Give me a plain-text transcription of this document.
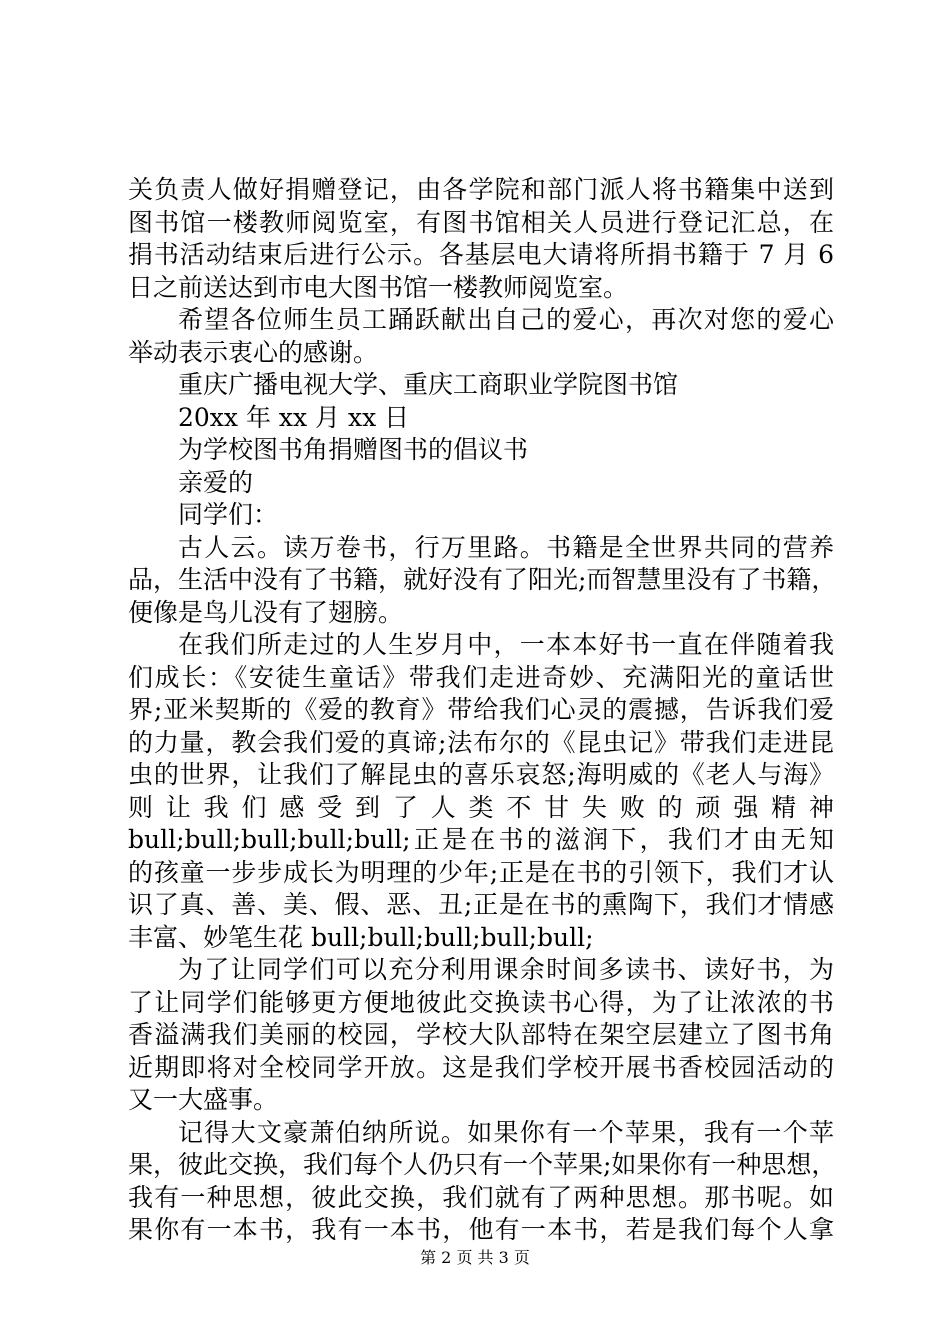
关负责人做好捐赠登记，由各学院和部门派人将书籍集中送到
图书馆一楼教师阅览室，有图书馆相关人员进行登记汇总，在
捐书活动结束后进行公示。各基层电大请将所捐书籍于 7 月 6
日之前送达到市电大图书馆一楼教师阅览室。
希望各位师生员工踊跃献出自己的爱心，再次对您的爱心
举动表示衷心的感谢。
重庆广播电视大学、重庆工商职业学院图书馆
20xx 年 xx 月 xx 日
为学校图书角捐赠图书的倡议书
亲爱的
同学们：
古人云。读万卷书，行万里路。书籍是全世界共同的营养
品，生活中没有了书籍，就好没有了阳光;而智慧里没有了书籍，
便像是鸟儿没有了翅膀。
在我们所走过的人生岁月中，一本本好书一直在伴随着我
们成长：《安徒生童话》带我们走进奇妙、充满阳光的童话世
界;亚米契斯的《爱的教育》带给我们心灵的震撼，告诉我们爱
的力量，教会我们爱的真谛;法布尔的《昆虫记》带我们走进昆
虫的世界，让我们了解昆虫的喜乐哀怒;海明威的《老人与海》
则 让 我 们 感 受 到 了 人 类 不 甘 失 败 的 顽 强 精 神
bull;bull;bull;bull;bull;正是在书的滋润下，我们才由无知
的孩童一步步成长为明理的少年;正是在书的引领下，我们才认
识了真、善、美、假、恶、丑;正是在书的熏陶下，我们才情感
丰富、妙笔生花 bull;bull;bull;bull;bull;
为了让同学们可以充分利用课余时间多读书、读好书，为
了让同学们能够更方便地彼此交换读书心得，为了让浓浓的书
香溢满我们美丽的校园，学校大队部特在架空层建立了图书角
近期即将对全校同学开放。这是我们学校开展书香校园活动的
又一大盛事。
记得大文豪萧伯纳所说。如果你有一个苹果，我有一个苹
果，彼此交换，我们每个人仍只有一个苹果;如果你有一种思想，
我有一种思想，彼此交换，我们就有了两种思想。那书呢。如
果你有一本书，我有一本书，他有一本书，若是我们每个人拿
第 2 页 共 3 页
